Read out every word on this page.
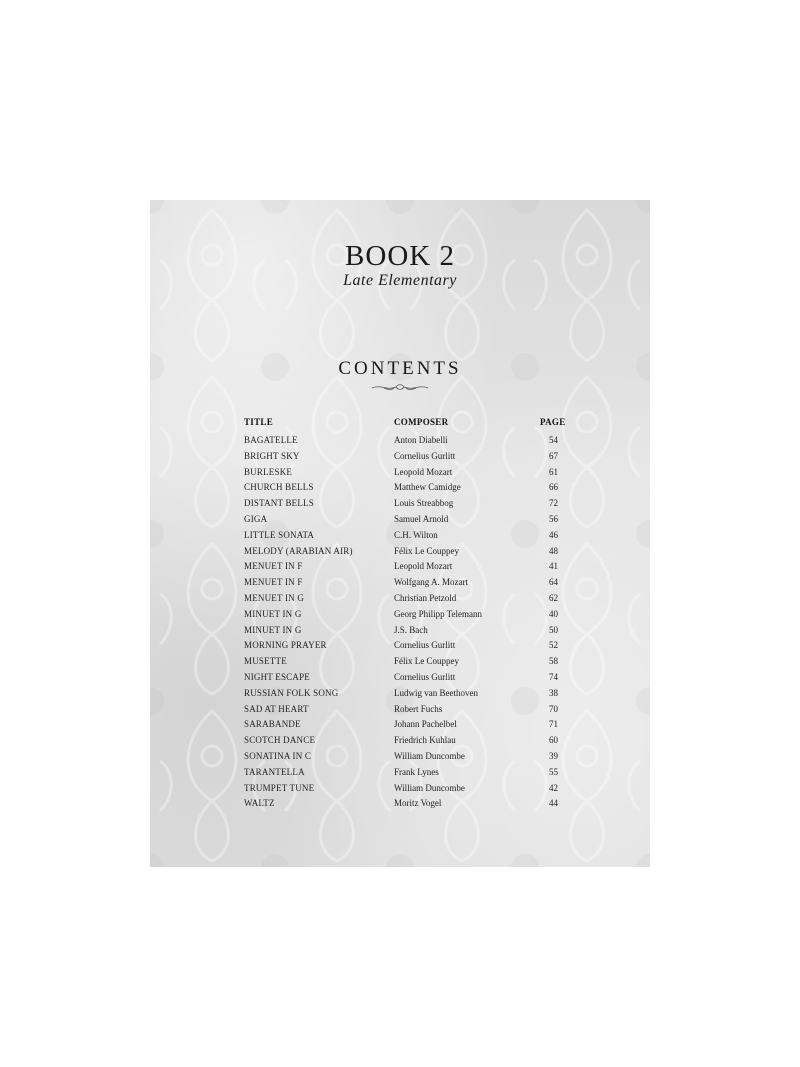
BOOK 2
Late Elementary
CONTENTS
TITLE	COMPOSER	PAGE
BAGATELLE	Anton Diabelli	54
BRIGHT SKY	Cornelius Gurlitt	67
BURLESKE	Leopold Mozart	61
CHURCH BELLS	Matthew Camidge	66
DISTANT BELLS	Louis Streabbog	72
GIGA	Samuel Arnold	56
LITTLE SONATA	C.H. Wilton	46
MELODY (ARABIAN AIR)	Félix Le Couppey	48
MENUET IN F	Leopold Mozart	41
MENUET IN F	Wolfgang A. Mozart	64
MENUET IN G	Christian Petzold	62
MINUET IN G	Georg Philipp Telemann	40
MINUET IN G	J.S. Bach	50
MORNING PRAYER	Cornelius Gurlitt	52
MUSETTE	Félix Le Couppey	58
NIGHT ESCAPE	Cornelius Gurlitt	74
RUSSIAN FOLK SONG	Ludwig van Beethoven	38
SAD AT HEART	Robert Fuchs	70
SARABANDE	Johann Pachelbel	71
SCOTCH DANCE	Friedrich Kuhlau	60
SONATINA IN C	William Duncombe	39
TARANTELLA	Frank Lynes	55
TRUMPET TUNE	William Duncombe	42
WALTZ	Moritz Vogel	44
